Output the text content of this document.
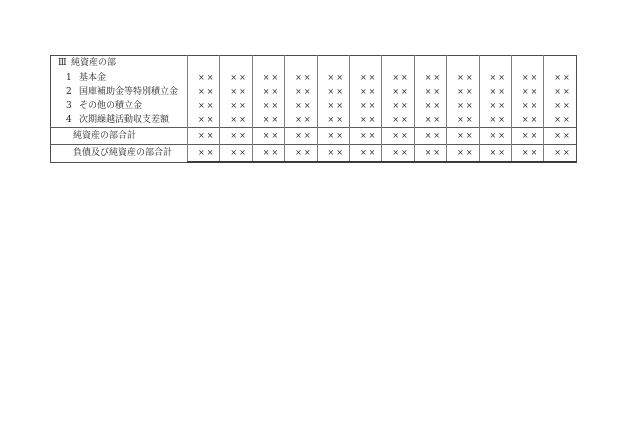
Ⅲ 純資産の部												
1 基本金	××	××	××	××	××	××	××	××	××	××	××	××
2 国庫補助金等特別積立金	××	××	××	××	××	××	××	××	××	××	××	××
3 その他の積立金	××	××	××	××	××	××	××	××	××	××	××	××
4 次期繰越活動収支差額	××	××	××	××	××	××	××	××	××	××	××	××
純資産の部合計	××	××	××	××	××	××	××	××	××	××	××	××
負債及び純資産の部合計	××	××	××	××	××	××	××	××	××	××	××	××
